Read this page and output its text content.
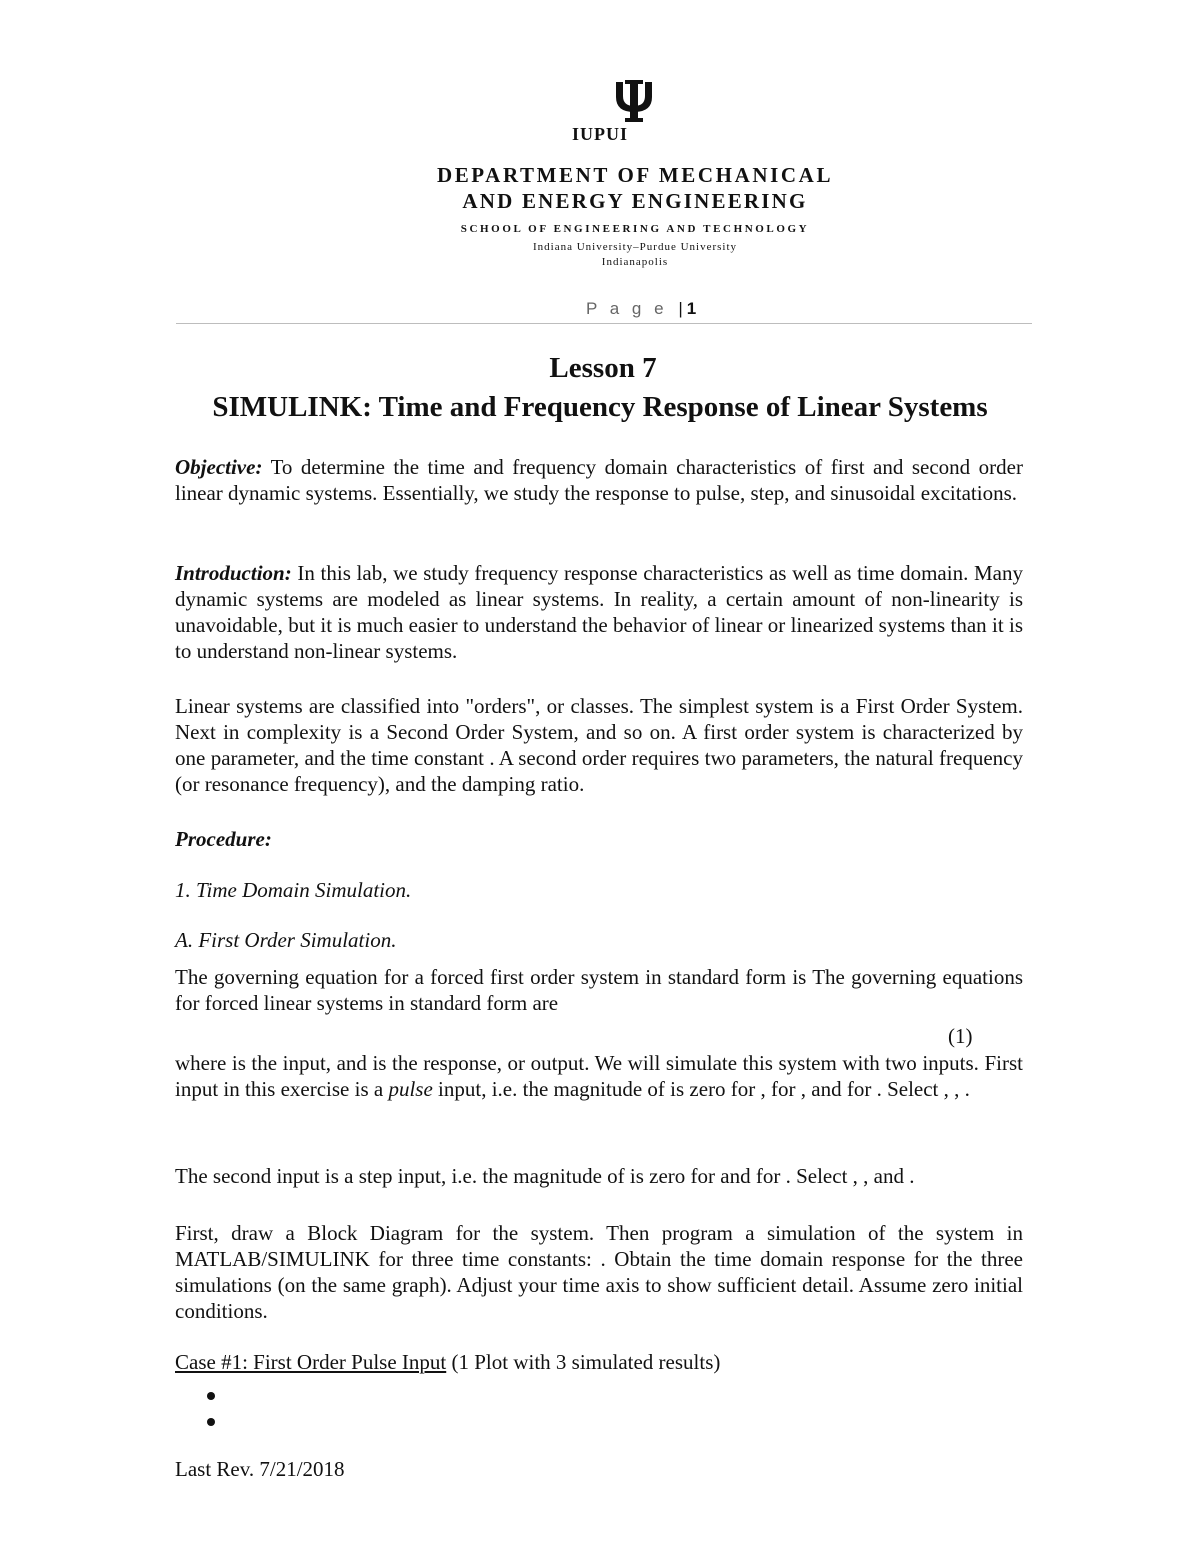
IUPUI
DEPARTMENT OF MECHANICAL
AND ENERGY ENGINEERING
SCHOOL OF ENGINEERING AND TECHNOLOGY
Indiana University–Purdue University
Indianapolis
P a g e | 1
Lesson 7
SIMULINK: Time and Frequency Response of Linear Systems
Objective: To determine the time and frequency domain characteristics of first and second order linear dynamic systems. Essentially, we study the response to pulse, step, and sinusoidal excitations.
Introduction: In this lab, we study frequency response characteristics as well as time domain. Many dynamic systems are modeled as linear systems. In reality, a certain amount of non-linearity is unavoidable, but it is much easier to understand the behavior of linear or linearized systems than it is to understand non-linear systems.
Linear systems are classified into "orders", or classes. The simplest system is a First Order System. Next in complexity is a Second Order System, and so on. A first order system is characterized by one parameter, and the time constant . A second order requires two parameters, the natural frequency (or resonance frequency), and the damping ratio.
Procedure:
1. Time Domain Simulation.
A. First Order Simulation.
The governing equation for a forced first order system in standard form is The governing equations for forced linear systems in standard form are
(1)
where is the input, and is the response, or output. We will simulate this system with two inputs. First input in this exercise is a pulse input, i.e. the magnitude of is zero for , for , and for . Select , , .
The second input is a step input, i.e. the magnitude of is zero for and for . Select , , and .
First, draw a Block Diagram for the system. Then program a simulation of the system in MATLAB/SIMULINK for three time constants: . Obtain the time domain response for the three simulations (on the same graph). Adjust your time axis to show sufficient detail. Assume zero initial conditions.
Case #1: First Order Pulse Input (1 Plot with 3 simulated results)
Last Rev. 7/21/2018
